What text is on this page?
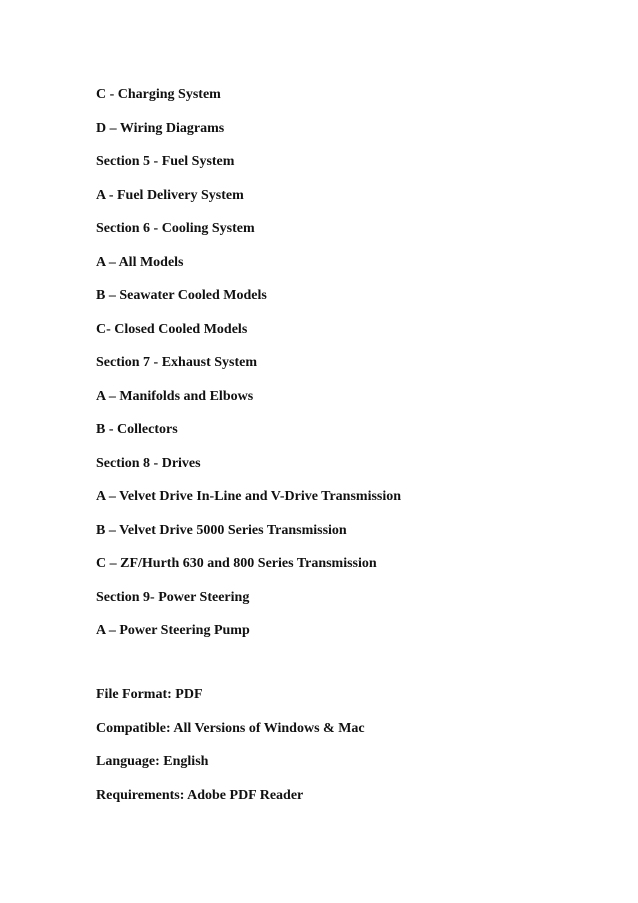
C - Charging System
D – Wiring Diagrams
Section 5 - Fuel System
A - Fuel Delivery System
Section 6 - Cooling System
A – All Models
B – Seawater Cooled Models
C- Closed Cooled Models
Section 7 - Exhaust System
A – Manifolds and Elbows
B - Collectors
Section 8 - Drives
A – Velvet Drive In-Line and V-Drive Transmission
B – Velvet Drive 5000 Series Transmission
C – ZF/Hurth 630 and 800 Series Transmission
Section 9- Power Steering
A – Power Steering Pump
File Format: PDF
Compatible: All Versions of Windows & Mac
Language: English
Requirements: Adobe PDF Reader
